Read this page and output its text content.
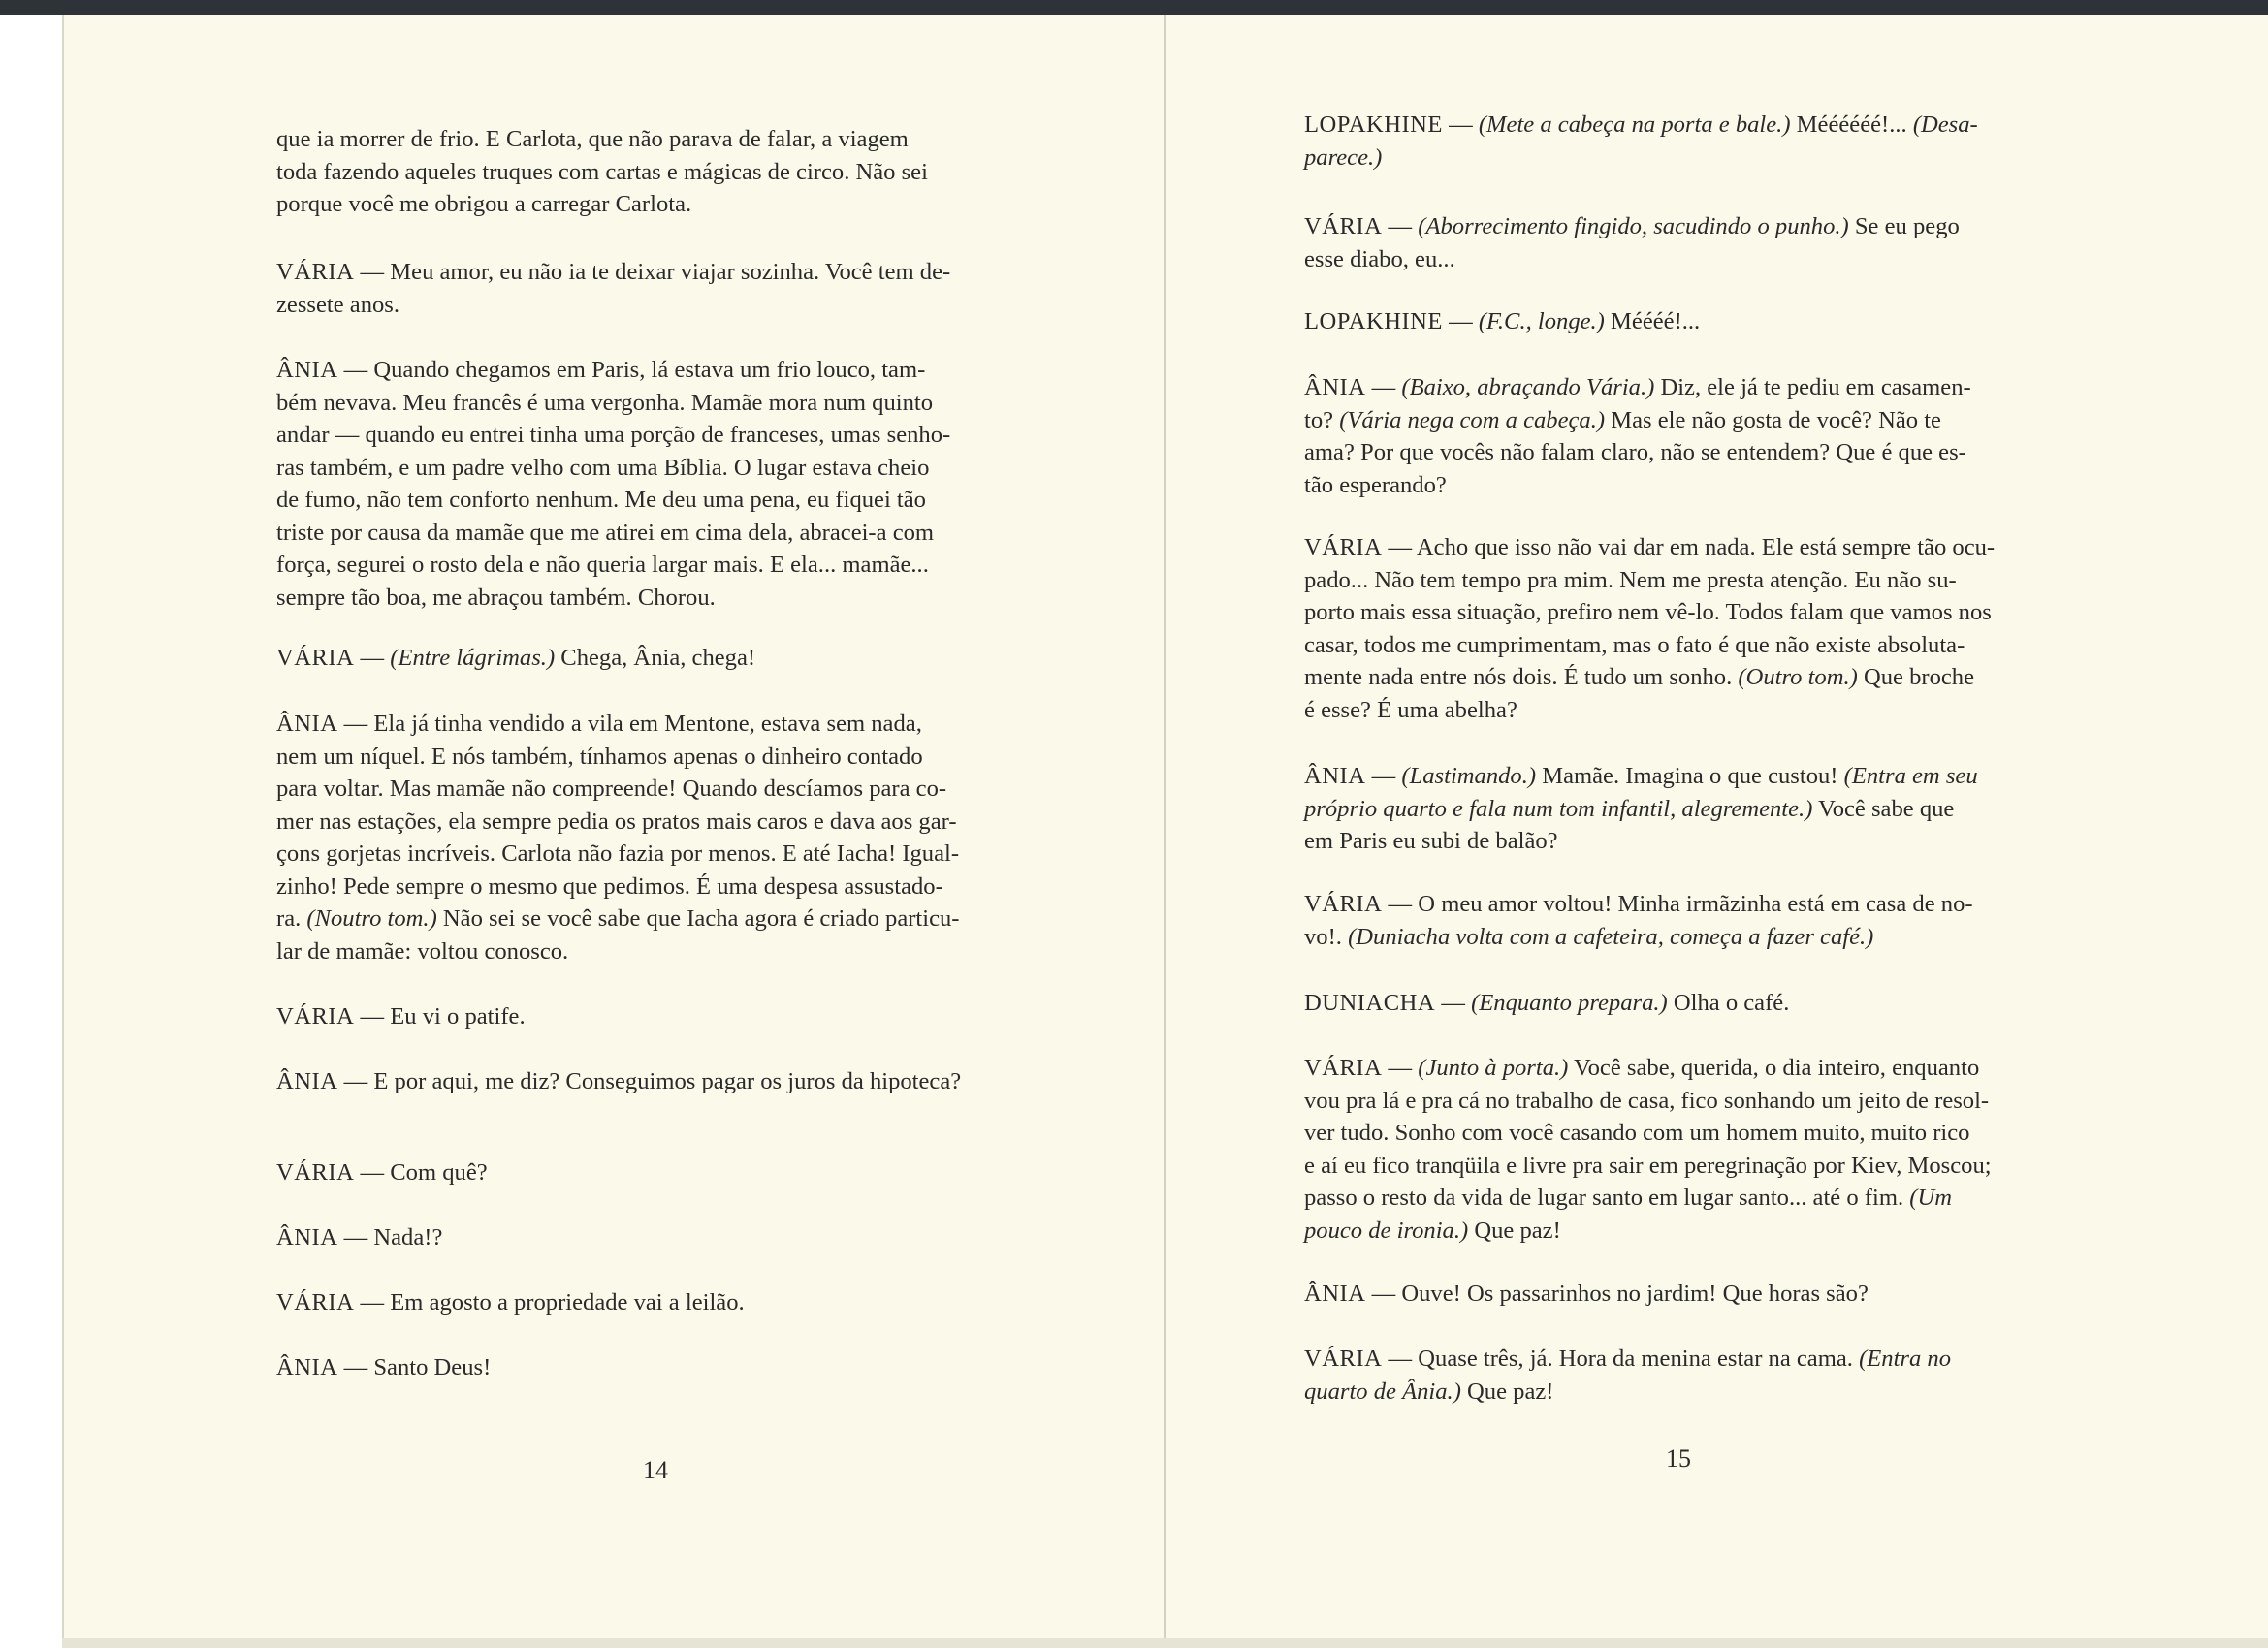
que ia morrer de frio. E Carlota, que não parava de falar, a viagem
toda fazendo aqueles truques com cartas e mágicas de circo. Não sei
porque você me obrigou a carregar Carlota.

VÁRIA — Meu amor, eu não ia te deixar viajar sozinha. Você tem de-
zessete anos.

ÂNIA — Quando chegamos em Paris, lá estava um frio louco, tam-
bém nevava. Meu francês é uma vergonha. Mamãe mora num quinto
andar — quando eu entrei tinha uma porção de franceses, umas senho-
ras também, e um padre velho com uma Bíblia. O lugar estava cheio
de fumo, não tem conforto nenhum. Me deu uma pena, eu fiquei tão
triste por causa da mamãe que me atirei em cima dela, abracei-a com
força, segurei o rosto dela e não queria largar mais. E ela... mamãe...
sempre tão boa, me abraçou também. Chorou.

VÁRIA — (Entre lágrimas.) Chega, Ânia, chega!

ÂNIA — Ela já tinha vendido a vila em Mentone, estava sem nada,
nem um níquel. E nós também, tínhamos apenas o dinheiro contado
para voltar. Mas mamãe não compreende! Quando descíamos para co-
mer nas estações, ela sempre pedia os pratos mais caros e dava aos gar-
çons gorjetas incríveis. Carlota não fazia por menos. E até Iacha! Igual-
zinho! Pede sempre o mesmo que pedimos. É uma despesa assustado-
ra. (Noutro tom.) Não sei se você sabe que Iacha agora é criado particu-
lar de mamãe: voltou conosco.

VÁRIA — Eu vi o patife.

ÂNIA — E por aqui, me diz? Conseguimos pagar os juros da hipoteca?

VÁRIA — Com quê?

ÂNIA — Nada!?

VÁRIA — Em agosto a propriedade vai a leilão.

ÂNIA — Santo Deus!

14

LOPAKHINE — (Mete a cabeça na porta e bale.) Méééééé!... (Desa-
parece.)

VÁRIA — (Aborrecimento fingido, sacudindo o punho.) Se eu pego
esse diabo, eu...

LOPAKHINE — (F.C., longe.) Méééé!...

ÂNIA — (Baixo, abraçando Vária.) Diz, ele já te pediu em casamen-
to? (Vária nega com a cabeça.) Mas ele não gosta de você? Não te
ama? Por que vocês não falam claro, não se entendem? Que é que es-
tão esperando?

VÁRIA — Acho que isso não vai dar em nada. Ele está sempre tão ocu-
pado... Não tem tempo pra mim. Nem me presta atenção. Eu não su-
porto mais essa situação, prefiro nem vê-lo. Todos falam que vamos nos
casar, todos me cumprimentam, mas o fato é que não existe absoluta-
mente nada entre nós dois. É tudo um sonho. (Outro tom.) Que broche
é esse? É uma abelha?

ÂNIA — (Lastimando.) Mamãe. Imagina o que custou! (Entra em seu
próprio quarto e fala num tom infantil, alegremente.) Você sabe que
em Paris eu subi de balão?

VÁRIA — O meu amor voltou! Minha irmãzinha está em casa de no-
vo!. (Duniacha volta com a cafeteira, começa a fazer café.)

DUNIACHA — (Enquanto prepara.) Olha o café.

VÁRIA — (Junto à porta.) Você sabe, querida, o dia inteiro, enquanto
vou pra lá e pra cá no trabalho de casa, fico sonhando um jeito de resol-
ver tudo. Sonho com você casando com um homem muito, muito rico
e aí eu fico tranqüila e livre pra sair em peregrinação por Kiev, Moscou;
passo o resto da vida de lugar santo em lugar santo... até o fim. (Um
pouco de ironia.) Que paz!

ÂNIA — Ouve! Os passarinhos no jardim! Que horas são?

VÁRIA — Quase três, já. Hora da menina estar na cama. (Entra no
quarto de Ânia.) Que paz!

15
